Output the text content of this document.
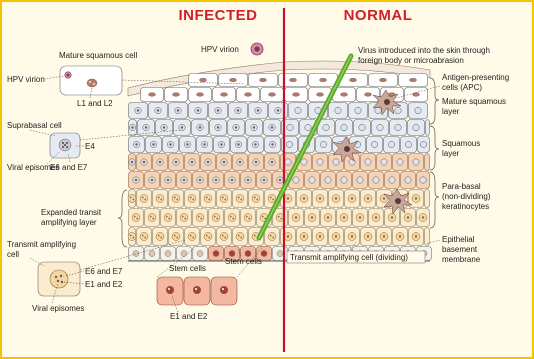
INFECTED	NORMAL
HPV virion
Mature squamous cell
HPV virion
L1 and L2
Suprabasal cell
E4
Viral episomes
E6 and E7
Expanded transit
amplifying layer
Transmit amplifying
cell
E6 and E7
E1 and E2
Viral episomes
Stem cells
Stem cells
E1 and E2
Transmit amplifying cell (dividing)
Virus introduced into the skin through
foreign body or microabrasion
Antigen-presenting
cells (APC)
Mature squamous
layer
Squamous
layer
Para-basal
(non-dividing)
keratinocytes
Epithelial
basement
membrane
